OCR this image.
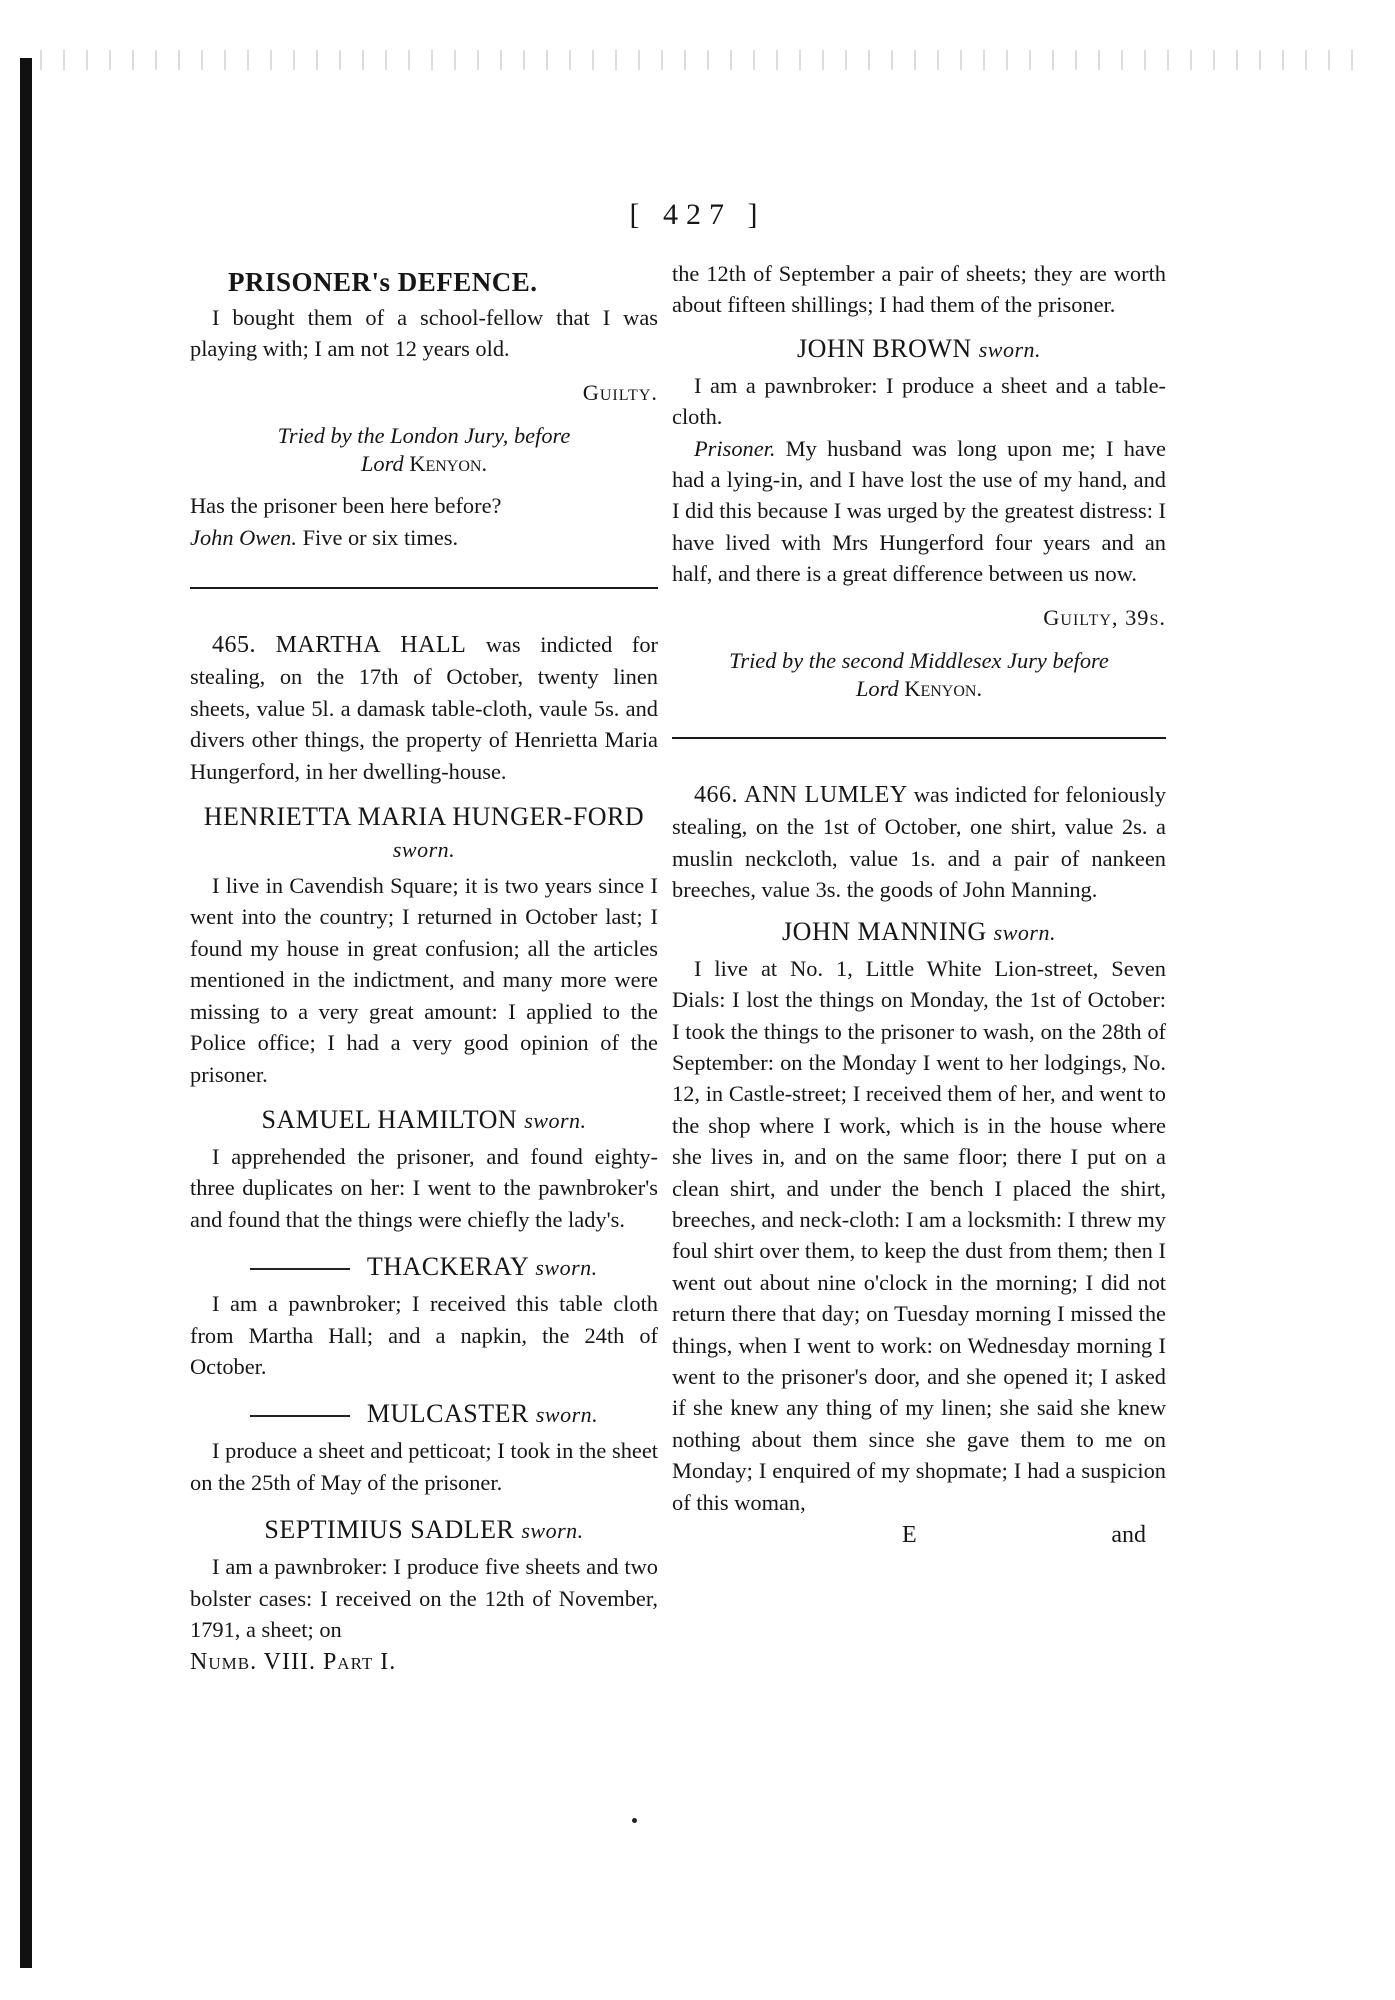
[ 427 ]
PRISONER's DEFENCE.

I bought them of a school-fellow that I was playing with; I am not 12 years old.

Guilty.
Tried by the London Jury, before
Lord Kenyon.

Has the prisoner been here before?

John Owen. Five or six times.

465. MARTHA HALL was indicted for stealing, on the 17th of October, twenty linen sheets, value 5l. a damask table-cloth, vaule 5s. and divers other things, the property of Henrietta Maria Hungerford, in her dwelling-house.

HENRIETTA MARIA HUNGER-FORD sworn.

I live in Cavendish Square; it is two years since I went into the country; I returned in October last; I found my house in great confusion; all the articles mentioned in the indictment, and many more were missing to a very great amount: I applied to the Police office; I had a very good opinion of the prisoner.

SAMUEL HAMILTON sworn.

I apprehended the prisoner, and found eighty-three duplicates on her: I went to the pawnbroker's and found that the things were chiefly the lady's.

THACKERAY sworn.

I am a pawnbroker; I received this table cloth from Martha Hall; and a napkin, the 24th of October.

MULCASTER sworn.

I produce a sheet and petticoat; I took in the sheet on the 25th of May of the prisoner.

SEPTIMIUS SADLER sworn.

I am a pawnbroker: I produce five sheets and two bolster cases: I received on the 12th of November, 1791, a sheet; on

Numb. VIII. Part I.

the 12th of September a pair of sheets; they are worth about fifteen shillings; I had them of the prisoner.

JOHN BROWN sworn.

I am a pawnbroker: I produce a sheet and a table-cloth.

Prisoner. My husband was long upon me; I have had a lying-in, and I have lost the use of my hand, and I did this because I was urged by the greatest distress: I have lived with Mrs Hungerford four years and an half, and there is a great difference between us now.

Guilty, 39s.
Tried by the second Middlesex Jury before
Lord Kenyon.

466. ANN LUMLEY was indicted for feloniously stealing, on the 1st of October, one shirt, value 2s. a muslin neckcloth, value 1s. and a pair of nankeen breeches, value 3s. the goods of John Manning.

JOHN MANNING sworn.

I live at No. 1, Little White Lion-street, Seven Dials: I lost the things on Monday, the 1st of October: I took the things to the prisoner to wash, on the 28th of September: on the Monday I went to her lodgings, No. 12, in Castle-street; I received them of her, and went to the shop where I work, which is in the house where she lives in, and on the same floor; there I put on a clean shirt, and under the bench I placed the shirt, breeches, and neck-cloth: I am a locksmith: I threw my foul shirt over them, to keep the dust from them; then I went out about nine o'clock in the morning; I did not return there that day; on Tuesday morning I missed the things, when I went to work: on Wednesday morning I went to the prisoner's door, and she opened it; I asked if she knew any thing of my linen; she said she knew nothing about them since she gave them to me on Monday; I enquired of my shopmate; I had a suspicion of this woman,

E	and
